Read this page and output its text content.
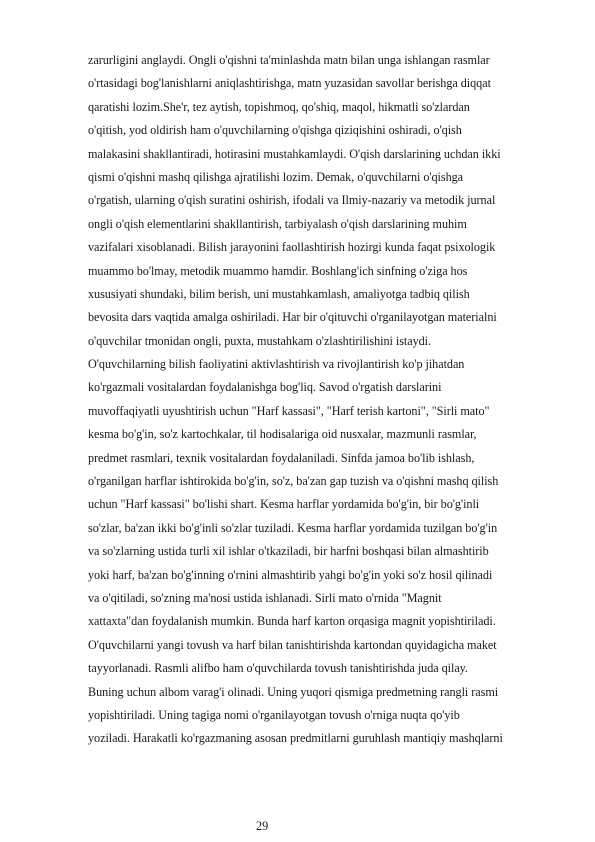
zarurligini anglaydi. Ongli o'qishni ta'minlashda matn bilan unga ishlangan rasmlar
o'rtasidagi bog'lanishlarni aniqlashtirishga, matn yuzasidan savollar berishga diqqat
qaratishi lozim.She'r, tez aytish, topishmoq, qo'shiq, maqol, hikmatli so'zlardan
o'qitish, yod oldirish ham o'quvchilarning o'qishga qiziqishini oshiradi, o'qish
malakasini shakllantiradi, hotirasini mustahkamlaydi. O'qish darslarining uchdan ikki
qismi o'qishni mashq qilishga ajratilishi lozim. Demak, o'quvchilarni o'qishga
o'rgatish, ularning o'qish suratini oshirish, ifodali va Ilmiy-nazariy va metodik jurnal
ongli o'qish elementlarini shakllantirish, tarbiyalash o'qish darslarining muhim
vazifalari xisoblanadi. Bilish jarayonini faollashtirish hozirgi kunda faqat psixologik
muammo bo'lmay, metodik muammo hamdir. Boshlang'ich sinfning o'ziga hos
xususiyati shundaki, bilim berish, uni mustahkamlash, amaliyotga tadbiq qilish
bevosita dars vaqtida amalga oshiriladi. Har bir o'qituvchi o'rganilayotgan materialni
o'quvchilar tmonidan ongli, puxta, mustahkam o'zlashtirilishini istaydi.
O'quvchilarning bilish faoliyatini aktivlashtirish va rivojlantirish ko'p jihatdan
ko'rgazmali vositalardan foydalanishga bog'liq. Savod o'rgatish darslarini
muvoffaqiyatli uyushtirish uchun "Harf kassasi", "Harf terish kartoni", "Sirli mato"
kesma bo'g'in, so'z kartochkalar, til hodisalariga oid nusxalar, mazmunli rasmlar,
predmet rasmlari, texnik vositalardan foydalaniladi. Sinfda jamoa bo'lib ishlash,
o'rganilgan harflar ishtirokida bo'g'in, so'z, ba'zan gap tuzish va o'qishni mashq qilish
uchun "Harf kassasi" bo'lishi shart. Kesma harflar yordamida bo'g'in, bir bo'g'inli
so'zlar, ba'zan ikki bo'g'inli so'zlar tuziladi. Kesma harflar yordamida tuzilgan bo'g'in
va so'zlarning ustida turli xil ishlar o'tkaziladi, bir harfni boshqasi bilan almashtirib
yoki harf, ba'zan bo'g'inning o'rnini almashtirib yahgi bo'g'in yoki so'z hosil qilinadi
va o'qitiladi, so'zning ma'nosi ustida ishlanadi. Sirli mato o'rnida "Magnit
xattaxta"dan foydalanish mumkin. Bunda harf karton orqasiga magnit yopishtiriladi.
O'quvchilarni yangi tovush va harf bilan tanishtirishda kartondan quyidagicha maket
tayyorlanadi. Rasmli alifbo ham o'quvchilarda tovush tanishtirishda juda qilay.
Buning uchun albom varag'i olinadi. Uning yuqori qismiga predmetning rangli rasmi
yopishtiriladi. Uning tagiga nomi o'rganilayotgan tovush o'rniga nuqta qo'yib
yoziladi. Harakatli ko'rgazmaning asosan predmitlarni guruhlash mantiqiy mashqlarni
29
